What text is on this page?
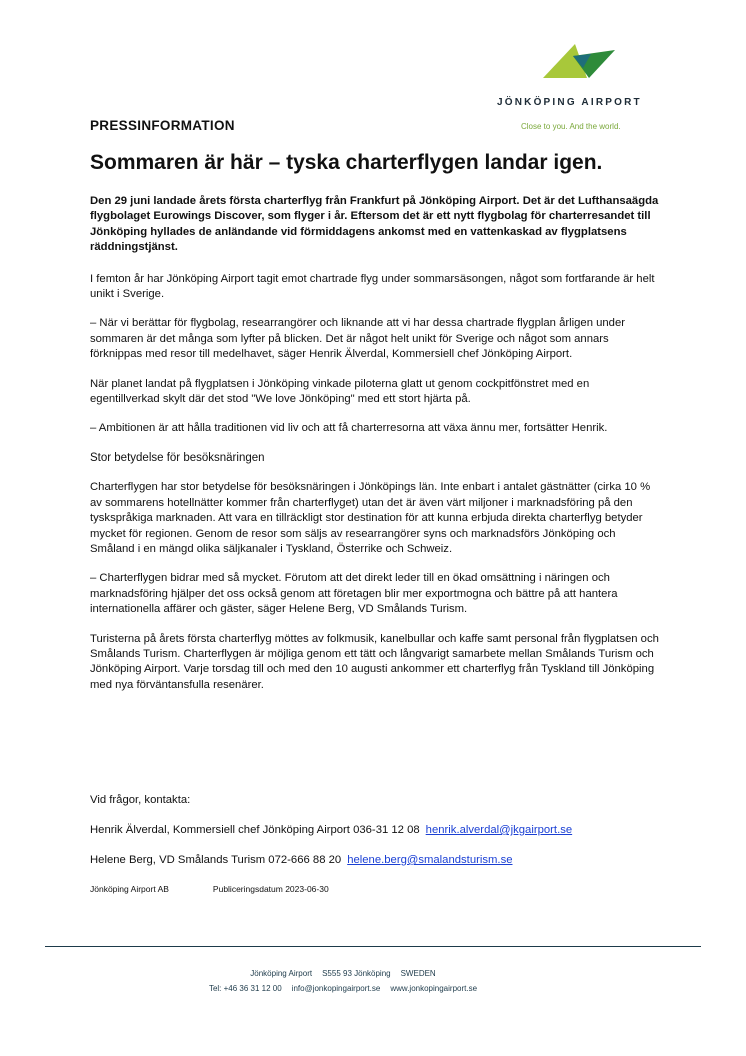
JÖNKÖPING AIRPORT
Close to you. And the world.
PRESSINFORMATION
Sommaren är här – tyska charterflygen landar igen.

Den 29 juni landade årets första charterflyg från Frankfurt på Jönköping Airport. Det är det Lufthansaägda flygbolaget Eurowings Discover, som flyger i år. Eftersom det är ett nytt flygbolag för charterresandet till Jönköping hyllades de anländande vid förmiddagens ankomst med en vattenkaskad av flygplatsens räddningstjänst.

I femton år har Jönköping Airport tagit emot chartrade flyg under sommarsäsongen, något som fortfarande är helt unikt i Sverige.

– När vi berättar för flygbolag, researrangörer och liknande att vi har dessa chartrade flygplan årligen under sommaren är det många som lyfter på blicken. Det är något helt unikt för Sverige och något som annars förknippas med resor till medelhavet, säger Henrik Älverdal, Kommersiell chef Jönköping Airport.

När planet landat på flygplatsen i Jönköping vinkade piloterna glatt ut genom cockpitfönstret med en egentillverkad skylt där det stod "We love Jönköping" med ett stort hjärta på.

– Ambitionen är att hålla traditionen vid liv och att få charterresorna att växa ännu mer, fortsätter Henrik.

Stor betydelse för besöksnäringen

Charterflygen har stor betydelse för besöksnäringen i Jönköpings län. Inte enbart i antalet gästnätter (cirka 10 % av sommarens hotellnätter kommer från charterflyget) utan det är även värt miljoner i marknadsföring på den tyskspråkiga marknaden. Att vara en tillräckligt stor destination för att kunna erbjuda direkta charterflyg betyder mycket för regionen. Genom de resor som säljs av researrangörer syns och marknadsförs Jönköping och Småland i en mängd olika säljkanaler i Tyskland, Österrike och Schweiz.

– Charterflygen bidrar med så mycket. Förutom att det direkt leder till en ökad omsättning i näringen och marknadsföring hjälper det oss också genom att företagen blir mer exportmogna och bättre på att hantera internationella affärer och gäster, säger Helene Berg, VD Smålands Turism.

Turisterna på årets första charterflyg möttes av folkmusik, kanelbullar och kaffe samt personal från flygplatsen och Smålands Turism. Charterflygen är möjliga genom ett tätt och långvarigt samarbete mellan Smålands Turism och Jönköping Airport. Varje torsdag till och med den 10 augusti ankommer ett charterflyg från Tyskland till Jönköping med nya förväntansfulla resenärer.

Vid frågor, kontakta:
Henrik Älverdal, Kommersiell chef Jönköping Airport 036-31 12 08 henrik.alverdal@jkgairport.se
Helene Berg, VD Smålands Turism 072-666 88 20 helene.berg@smalandsturism.se
Jönköping Airport AB	Publiceringsdatum 2023-06-30
Jönköping Airport S555 93 Jönköping SWEDEN
Tel: +46 36 31 12 00 info@jonkopingairport.se www.jonkopingairport.se
